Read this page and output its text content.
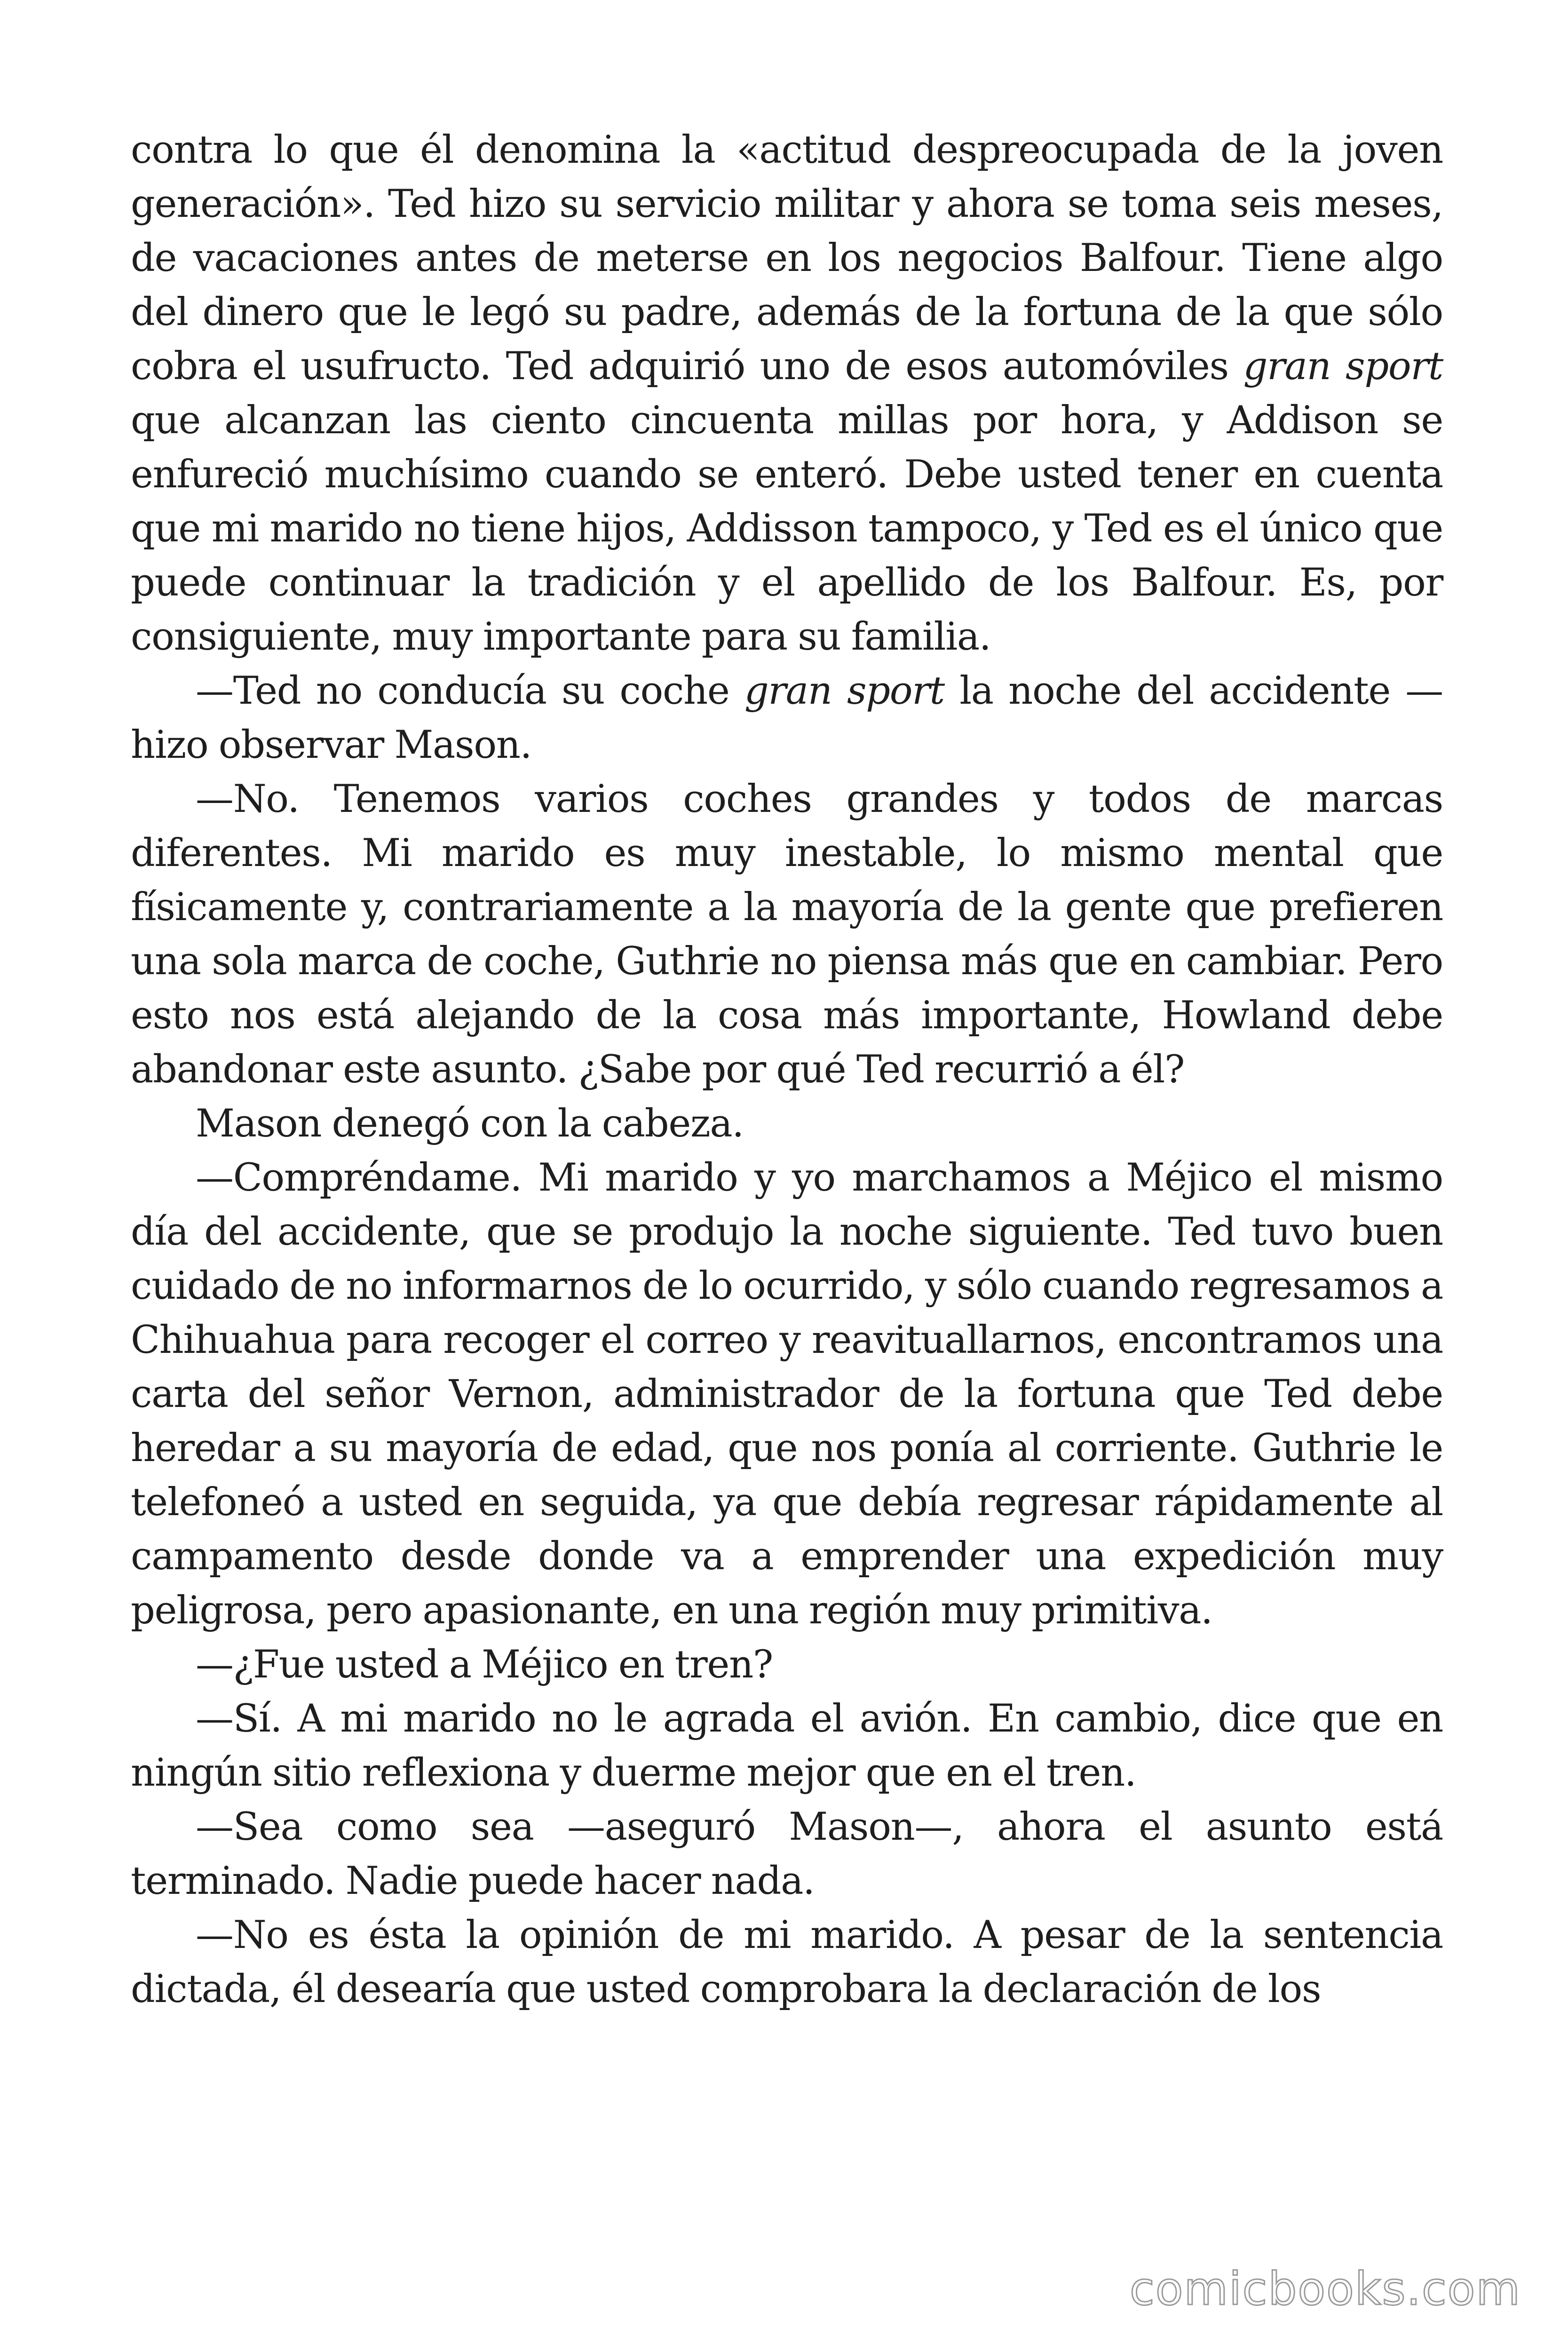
contra lo que él denomina la «actitud despreocupada de la joven generación». Ted hizo su servicio militar y ahora se toma seis meses, de vacaciones antes de meterse en los negocios Balfour. Tiene algo del dinero que le legó su padre, además de la fortuna de la que sólo cobra el usufructo. Ted adquirió uno de esos automóviles gran sport que alcanzan las ciento cincuenta millas por hora, y Addison se enfureció muchísimo cuando se enteró. Debe usted tener en cuenta que mi marido no tiene hijos, Addisson tampoco, y Ted es el único que puede continuar la tradición y el apellido de los Balfour. Es, por consiguiente, muy importante para su familia.

—Ted no conducía su coche gran sport la noche del accidente —hizo observar Mason.

—No. Tenemos varios coches grandes y todos de marcas diferentes. Mi marido es muy inestable, lo mismo mental que físicamente y, contrariamente a la mayoría de la gente que prefieren una sola marca de coche, Guthrie no piensa más que en cambiar. Pero esto nos está alejando de la cosa más importante, Howland debe abandonar este asunto. ¿Sabe por qué Ted recurrió a él?

Mason denegó con la cabeza.

—Compréndame. Mi marido y yo marchamos a Méjico el mismo día del accidente, que se produjo la noche siguiente. Ted tuvo buen cuidado de no informarnos de lo ocurrido, y sólo cuando regresamos a Chihuahua para recoger el correo y reavituallarnos, encontramos una carta del señor Vernon, administrador de la fortuna que Ted debe heredar a su mayoría de edad, que nos ponía al corriente. Guthrie le telefoneó a usted en seguida, ya que debía regresar rápidamente al campamento desde donde va a emprender una expedición muy peligrosa, pero apasionante, en una región muy primitiva.

—¿Fue usted a Méjico en tren?

—Sí. A mi marido no le agrada el avión. En cambio, dice que en ningún sitio reflexiona y duerme mejor que en el tren.

—Sea como sea —aseguró Mason—, ahora el asunto está terminado. Nadie puede hacer nada.

—No es ésta la opinión de mi marido. A pesar de la sentencia dictada, él desearía que usted comprobara la declaración de los

comicbooks.com
